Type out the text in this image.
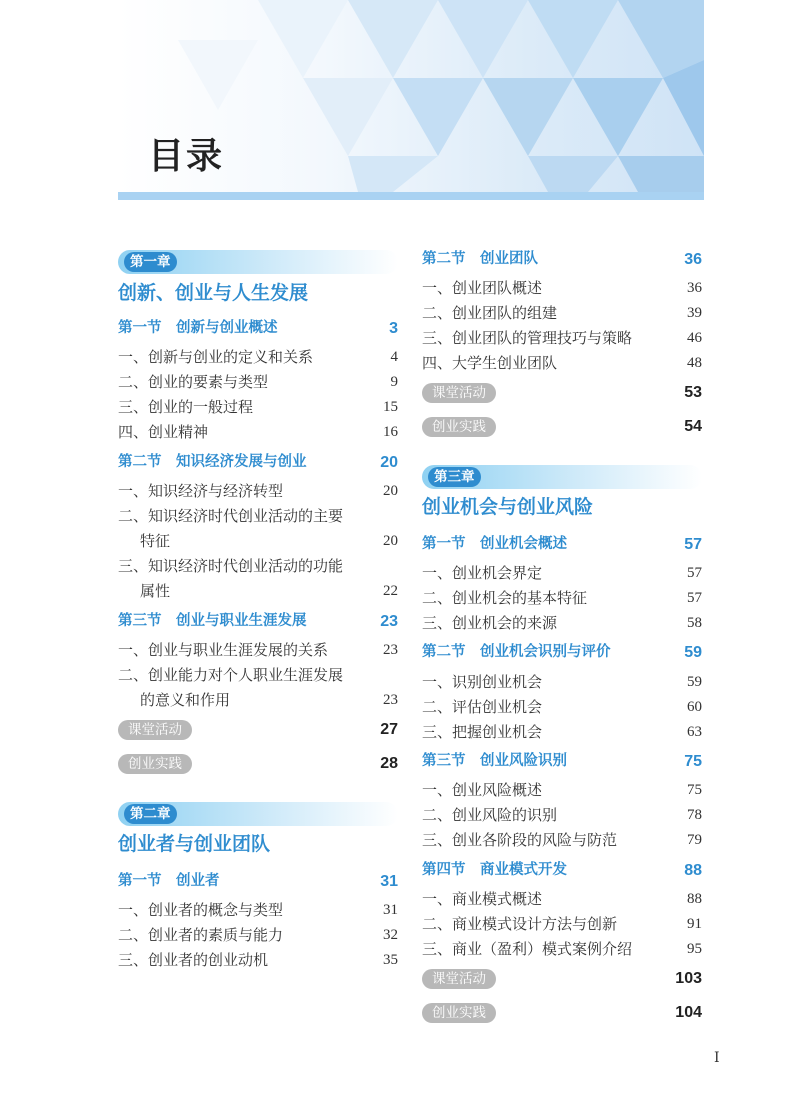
目录
第一章
创新、创业与人生发展
第一节　创新与创业概述	3
一、创新与创业的定义和关系	4
二、创业的要素与类型	9
三、创业的一般过程	15
四、创业精神	16
第二节　知识经济发展与创业	20
一、知识经济与经济转型	20
二、知识经济时代创业活动的主要
特征	20
三、知识经济时代创业活动的功能
属性	22
第三节　创业与职业生涯发展	23
一、创业与职业生涯发展的关系	23
二、创业能力对个人职业生涯发展
的意义和作用	23
课堂活动	27
创业实践	28
第二章
创业者与创业团队
第一节　创业者	31
一、创业者的概念与类型	31
二、创业者的素质与能力	32
三、创业者的创业动机	35
第二节　创业团队	36
一、创业团队概述	36
二、创业团队的组建	39
三、创业团队的管理技巧与策略	46
四、大学生创业团队	48
课堂活动	53
创业实践	54
第三章
创业机会与创业风险
第一节　创业机会概述	57
一、创业机会界定	57
二、创业机会的基本特征	57
三、创业机会的来源	58
第二节　创业机会识别与评价	59
一、识别创业机会	59
二、评估创业机会	60
三、把握创业机会	63
第三节　创业风险识别	75
一、创业风险概述	75
二、创业风险的识别	78
三、创业各阶段的风险与防范	79
第四节　商业模式开发	88
一、商业模式概述	88
二、商业模式设计方法与创新	91
三、商业（盈利）模式案例介绍	95
课堂活动	103
创业实践	104
I
